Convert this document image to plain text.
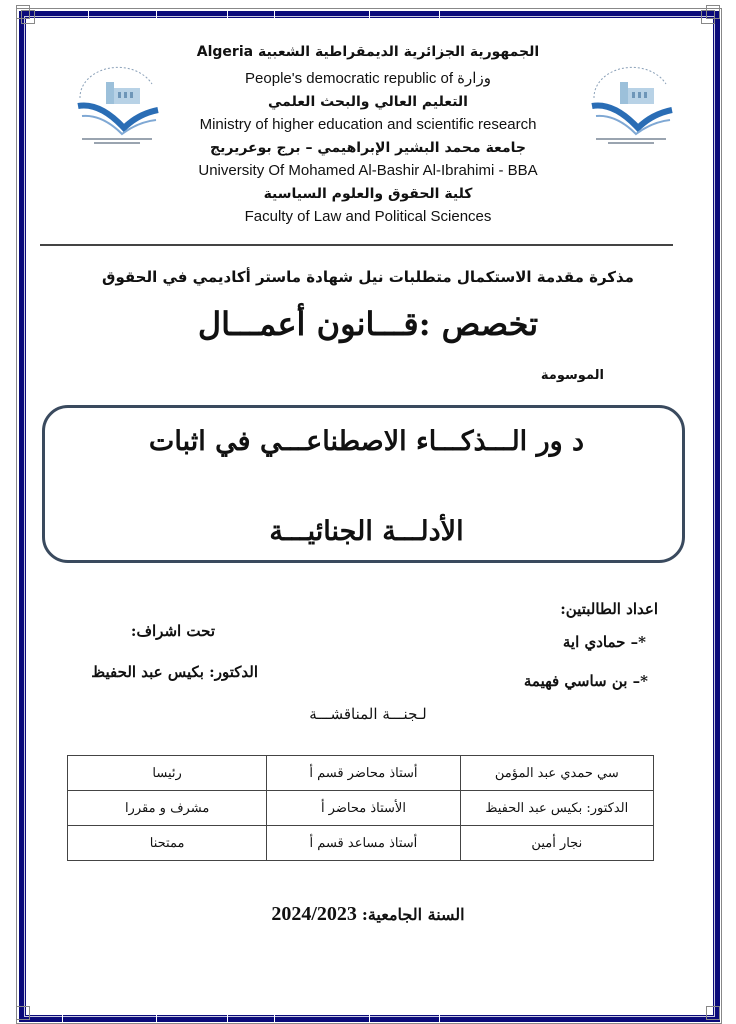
الجمهورية الجزائرية الديمقراطية الشعبية Algeria
وزارة People's democratic republic of
التعليم العالي والبحث العلمي
Ministry of higher education and scientific research
جامعة محمد البشير الإبراهيمي – برج بوعريريج
University Of Mohamed Al-Bashir Al-Ibrahimi - BBA
كلية الحقوق والعلوم السياسية
Faculty of Law and Political Sciences
مذكرة مقدمة الاستكمال متطلبات نيل شهادة ماستر أكاديمي في الحقوق
تخصص :قـــانون أعمـــال
الموسومة
د ور الـــذكـــاء الاصطناعـــي في اثبات
الأدلـــة الجنائيـــة
اعداد الطالبتين:
*– حمادي اية
*– بن ساسي فهيمة
تحت اشراف:
الدكتور: بكيس عبد الحفيظ
لـجنـــة المناقشـــة
سي حمدي عبد المؤمن	أستاذ محاضر قسم أ	رئيسا
الدكتور: بكيس عبد الحفيظ	الأستاذ محاضر أ	مشرف و مقررا
نجار أمين	أستاذ مساعد قسم أ	ممتحنا
السنة الجامعية: 2024/2023
